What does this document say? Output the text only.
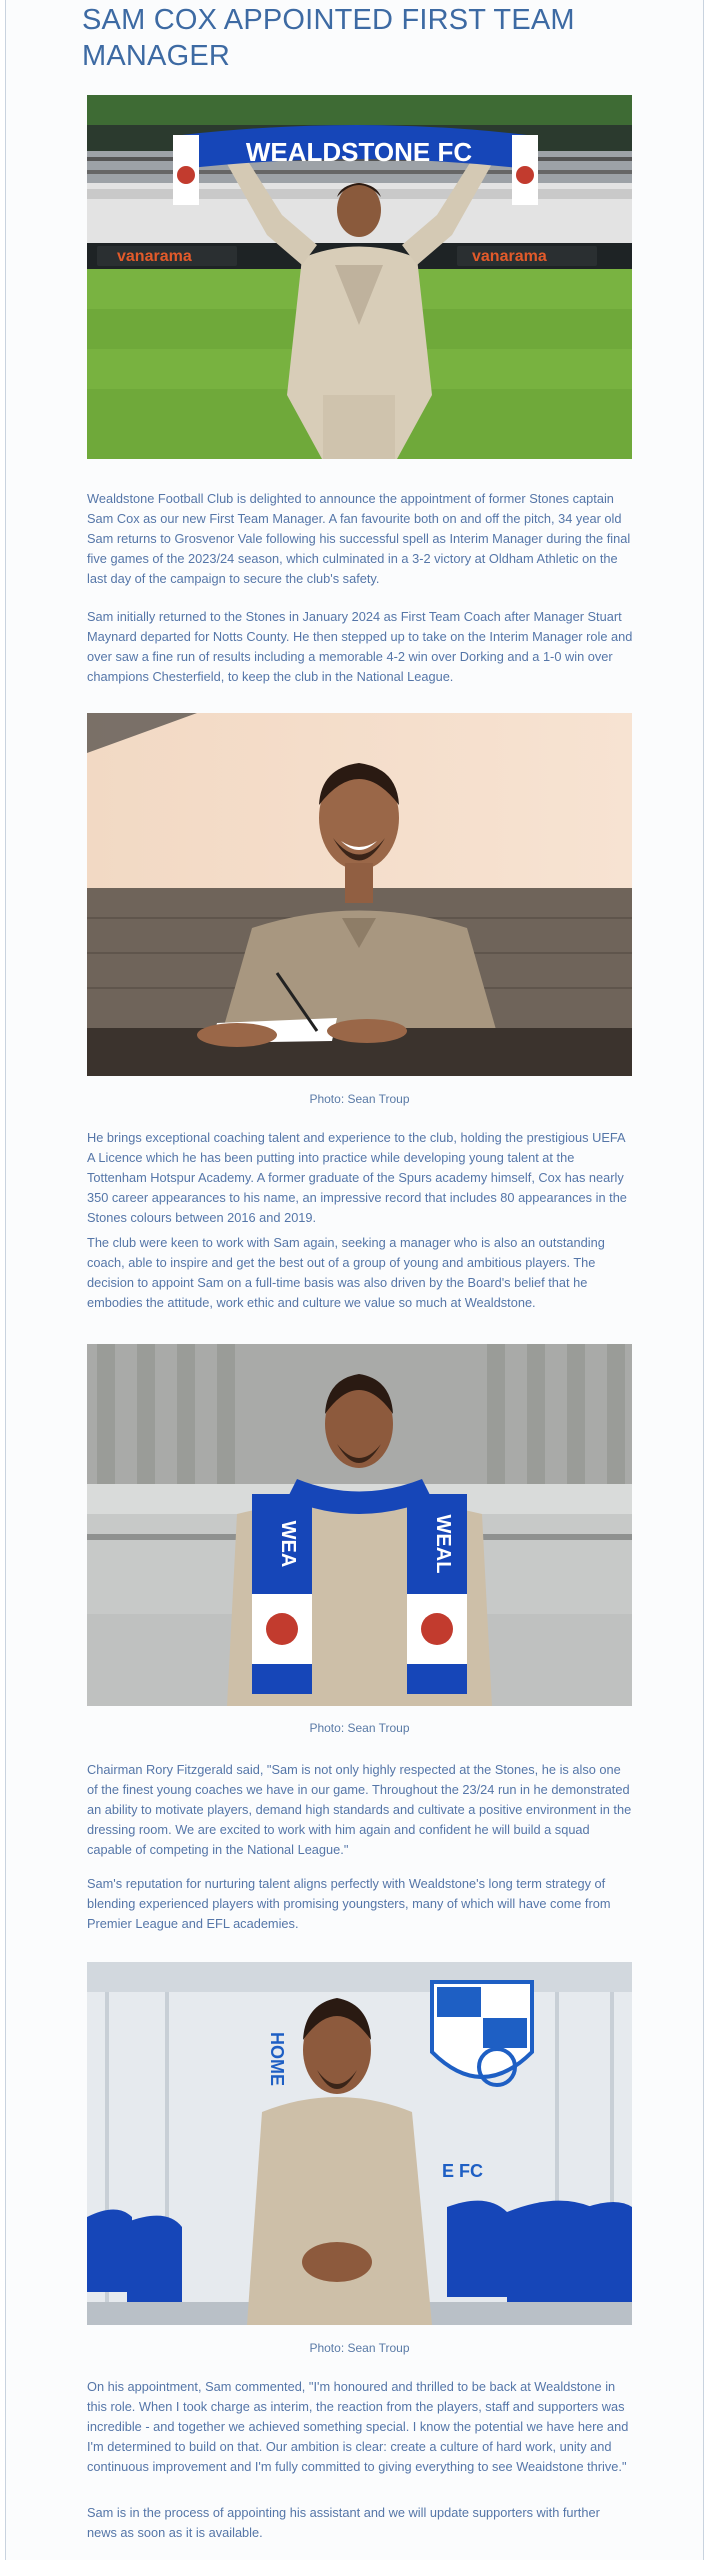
SAM COX APPOINTED FIRST TEAM MANAGER
vanarama	vanarama
WEALDSTONE FC

Wealdstone Football Club is delighted to announce the appointment of former Stones captain Sam Cox as our new First Team Manager. A fan favourite both on and off the pitch, 34 year old Sam returns to Grosvenor Vale following his successful spell as Interim Manager during the final five games of the 2023/24 season, which culminated in a 3-2 victory at Oldham Athletic on the last day of the campaign to secure the club's safety.

Sam initially returned to the Stones in January 2024 as First Team Coach after Manager Stuart Maynard departed for Notts County. He then stepped up to take on the Interim Manager role and over saw a fine run of results including a memorable 4-2 win over Dorking and a 1-0 win over champions Chesterfield, to keep the club in the National League.

Photo: Sean Troup

He brings exceptional coaching talent and experience to the club, holding the prestigious UEFA A Licence which he has been putting into practice while developing young talent at the Tottenham Hotspur Academy. A former graduate of the Spurs academy himself, Cox has nearly 350 career appearances to his name, an impressive record that includes 80 appearances in the Stones colours between 2016 and 2019.

The club were keen to work with Sam again, seeking a manager who is also an outstanding coach, able to inspire and get the best out of a group of young and ambitious players. The decision to appoint Sam on a full-time basis was also driven by the Board's belief that he embodies the attitude, work ethic and culture we value so much at Wealdstone.

WEA	WEAL
Photo: Sean Troup

Chairman Rory Fitzgerald said, "Sam is not only highly respected at the Stones, he is also one of the finest young coaches we have in our game. Throughout the 23/24 run in he demonstrated an ability to motivate players, demand high standards and cultivate a positive environment in the dressing room. We are excited to work with him again and confident he will build a squad capable of competing in the National League."

Sam's reputation for nurturing talent aligns perfectly with Wealdstone's long term strategy of blending experienced players with promising youngsters, many of which will have come from Premier League and EFL academies.

HOME
E FC
Photo: Sean Troup

On his appointment, Sam commented, "I'm honoured and thrilled to be back at Wealdstone in this role. When I took charge as interim, the reaction from the players, staff and supporters was incredible - and together we achieved something special. I know the potential we have here and I'm determined to build on that. Our ambition is clear: create a culture of hard work, unity and continuous improvement and I'm fully committed to giving everything to see Weaidstone thrive."

Sam is in the process of appointing his assistant and we will update supporters with further news as soon as it is available.
